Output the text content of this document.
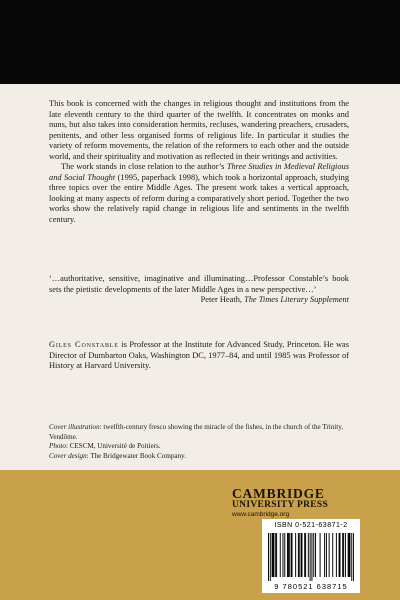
This book is concerned with the changes in religious thought and institutions from the late eleventh century to the third quarter of the twelfth. It concentrates on monks and nuns, but also takes into consideration hermits, recluses, wandering preachers, crusaders, penitents, and other less organised forms of religious life. In particular it studies the variety of reform movements, the relation of the reformers to each other and the outside world, and their spirituality and motivation as reflected in their writings and activities.

The work stands in close relation to the author’s Three Studies in Medieval Religious and Social Thought (1995, paperback 1998), which took a horizontal approach, studying three topics over the entire Middle Ages. The present work takes a vertical approach, looking at many aspects of reform during a comparatively short period. Together the two works show the relatively rapid change in religious life and sentiments in the twelfth century.

‘…authoritative, sensitive, imaginative and illuminating…Professor Constable’s book sets the pietistic developments of the later Middle Ages in a new perspective…’

Peter Heath, The Times Literary Supplement

Giles Constable is Professor at the Institute for Advanced Study, Princeton. He was Director of Dumbarton Oaks, Washington DC, 1977–84, and until 1985 was Professor of History at Harvard University.

Cover illustration: twelfth-century fresco showing the miracle of the fishes, in the church of the Trinity, Vendôme.
Photo: CESCM, Université de Poitiers.
Cover design: The Bridgewater Book Company.
CAMBRIDGE
UNIVERSITY PRESS
www.cambridge.org
ISBN 0-521-63871-2
9 780521 638715
